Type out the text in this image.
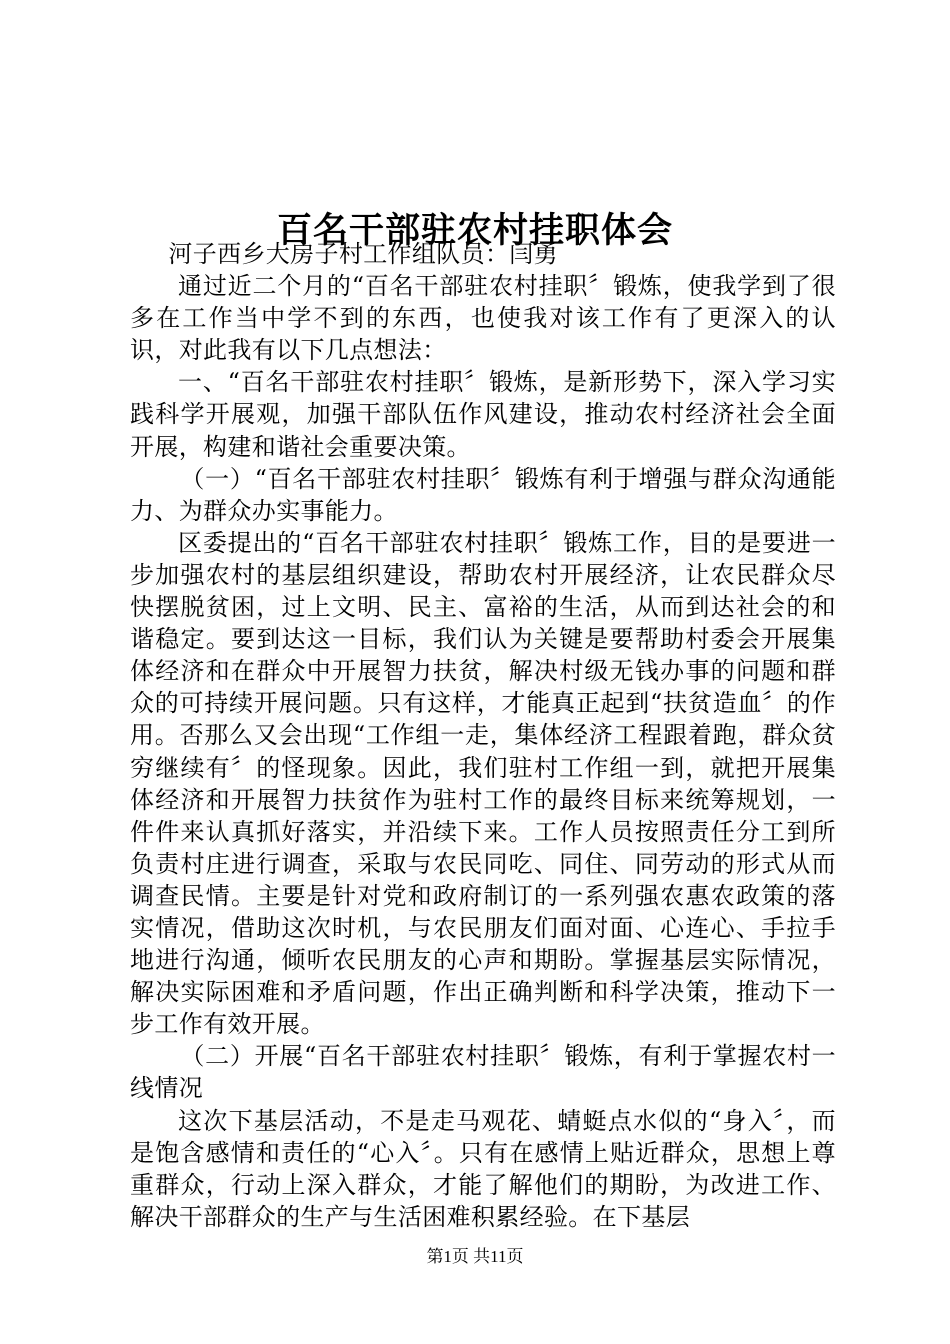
百名干部驻农村挂职体会

河子西乡大房子村工作组队员：闫勇

通过近二个月的“百名干部驻农村挂职〞锻炼，使我学到了很多在工作当中学不到的东西，也使我对该工作有了更深入的认识，对此我有以下几点想法：

一、“百名干部驻农村挂职〞锻炼，是新形势下，深入学习实践科学开展观，加强干部队伍作风建设，推动农村经济社会全面开展，构建和谐社会重要决策。

（一）“百名干部驻农村挂职〞锻炼有利于增强与群众沟通能力、为群众办实事能力。

区委提出的“百名干部驻农村挂职〞锻炼工作，目的是要进一步加强农村的基层组织建设，帮助农村开展经济，让农民群众尽快摆脱贫困，过上文明、民主、富裕的生活，从而到达社会的和谐稳定。要到达这一目标，我们认为关键是要帮助村委会开展集体经济和在群众中开展智力扶贫，解决村级无钱办事的问题和群众的可持续开展问题。只有这样，才能真正起到“扶贫造血〞的作用。否那么又会出现“工作组一走，集体经济工程跟着跑，群众贫穷继续有〞的怪现象。因此，我们驻村工作组一到，就把开展集体经济和开展智力扶贫作为驻村工作的最终目标来统筹规划，一件件来认真抓好落实，并沿续下来。工作人员按照责任分工到所负责村庄进行调查，采取与农民同吃、同住、同劳动的形式从而调查民情。主要是针对党和政府制订的一系列强农惠农政策的落实情况，借助这次时机，与农民朋友们面对面、心连心、手拉手地进行沟通，倾听农民朋友的心声和期盼。掌握基层实际情况，解决实际困难和矛盾问题，作出正确判断和科学决策，推动下一步工作有效开展。

（二）开展“百名干部驻农村挂职〞锻炼，有利于掌握农村一线情况

这次下基层活动，不是走马观花、蜻蜓点水似的“身入〞，而是饱含感情和责任的“心入〞。只有在感情上贴近群众，思想上尊重群众，行动上深入群众，才能了解他们的期盼，为改进工作、解决干部群众的生产与生活困难积累经验。在下基层

第1页 共11页
